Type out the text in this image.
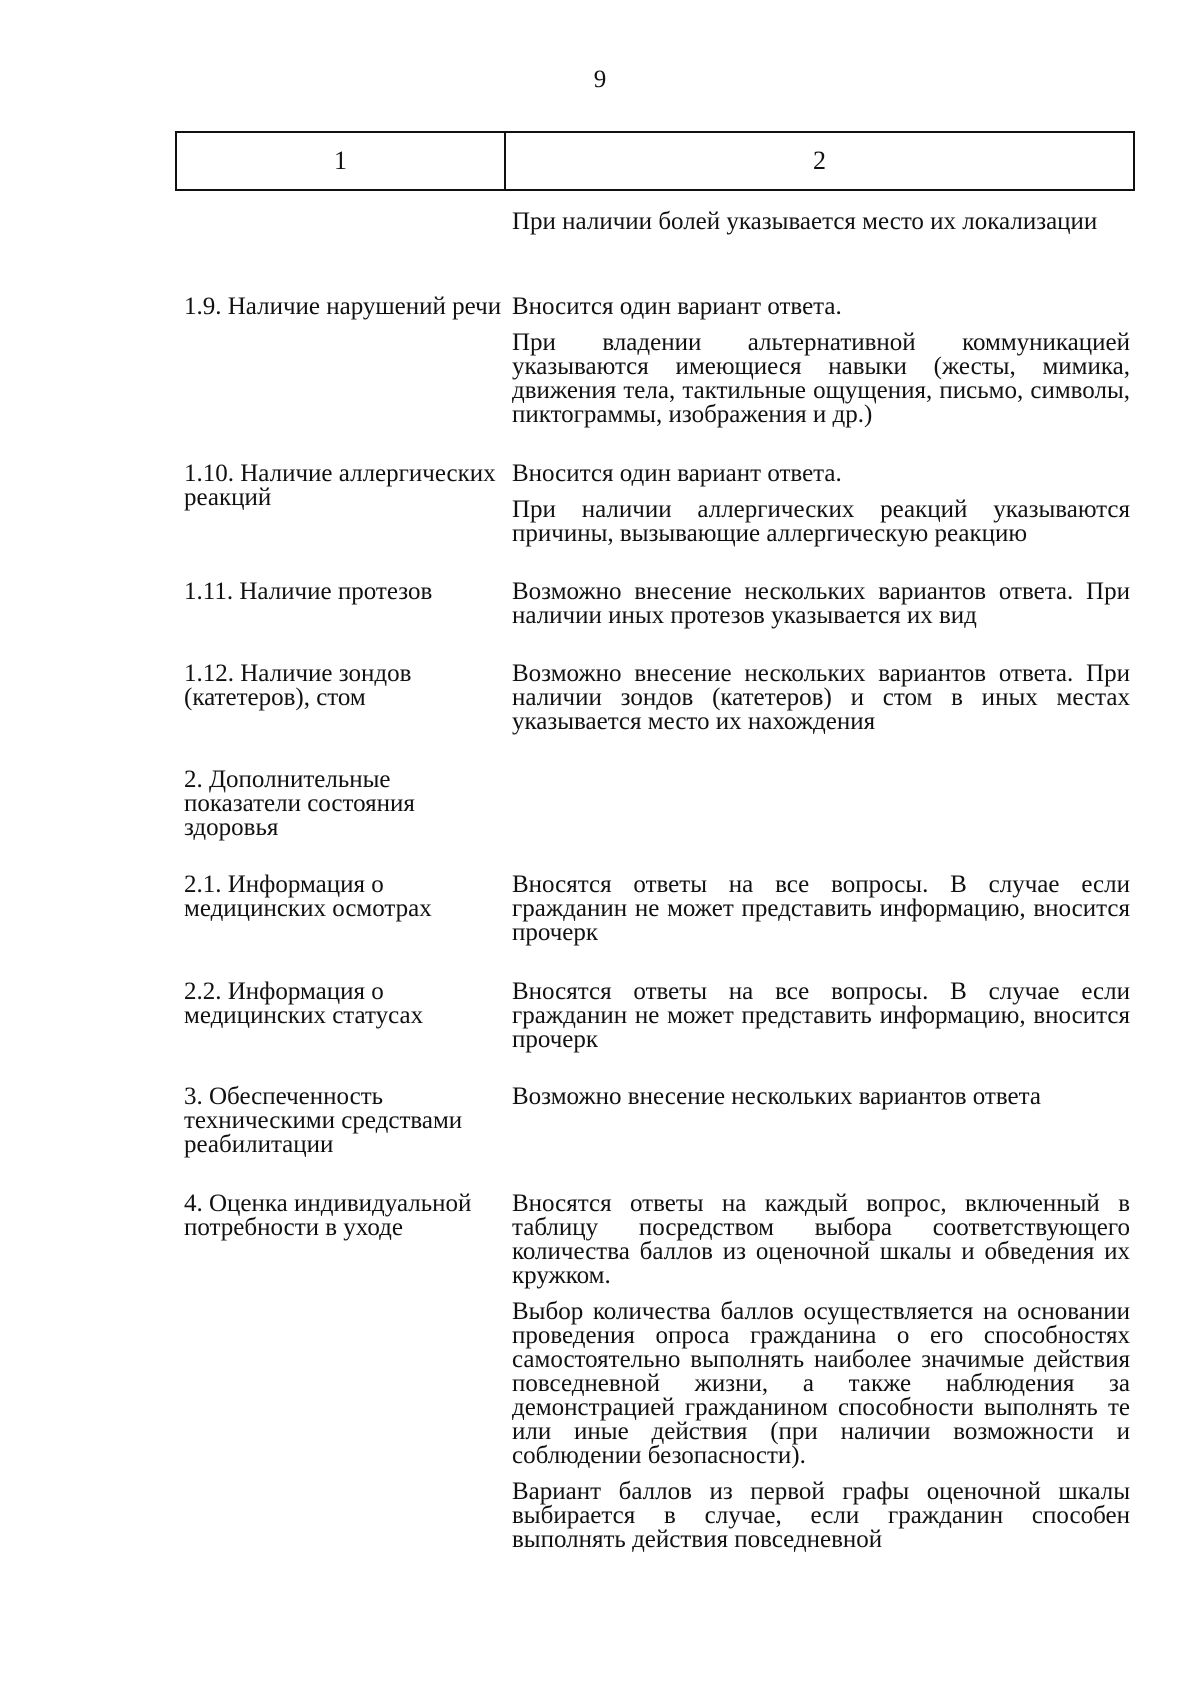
9
1	2

При наличии болей указывается место их локализации

1.9. Наличие нарушений речи Вносится один вариант ответа.

При владении альтернативной коммуникацией указываются имеющиеся навыки (жесты, мимика, движения тела, тактильные ощущения, письмо, символы, пиктограммы, изображения и др.)

1.10. Наличие аллергических реакций

Вносится один вариант ответа.

При наличии аллергических реакций указываются причины, вызывающие аллергическую реакцию

1.11. Наличие протезов	Возможно внесение нескольких вариантов ответа. При наличии иных протезов указывается их вид

1.12. Наличие зондов (катетеров), стом

Возможно внесение нескольких вариантов ответа. При наличии зондов (катетеров) и стом в иных местах указывается место их нахождения

2. Дополнительные показатели состояния здоровья
2.1. Информация о медицинских осмотрах

Вносятся ответы на все вопросы. В случае если гражданин не может представить информацию, вносится прочерк

2.2. Информация о медицинских статусах

Вносятся ответы на все вопросы. В случае если гражданин не может представить информацию, вносится прочерк

3. Обеспеченность техническими средствами реабилитации

Возможно внесение нескольких вариантов ответа

4. Оценка индивидуальной потребности в уходе

Вносятся ответы на каждый вопрос, включенный в таблицу посредством выбора соответствующего количества баллов из оценочной шкалы и обведения их кружком.

Выбор количества баллов осуществляется на основании проведения опроса гражданина о его способностях самостоятельно выполнять наиболее значимые действия повседневной жизни, а также наблюдения за демонстрацией гражданином способности выполнять те или иные действия (при наличии возможности и соблюдении безопасности).

Вариант баллов из первой графы оценочной шкалы выбирается в случае, если гражданин способен выполнять действия повседневной
